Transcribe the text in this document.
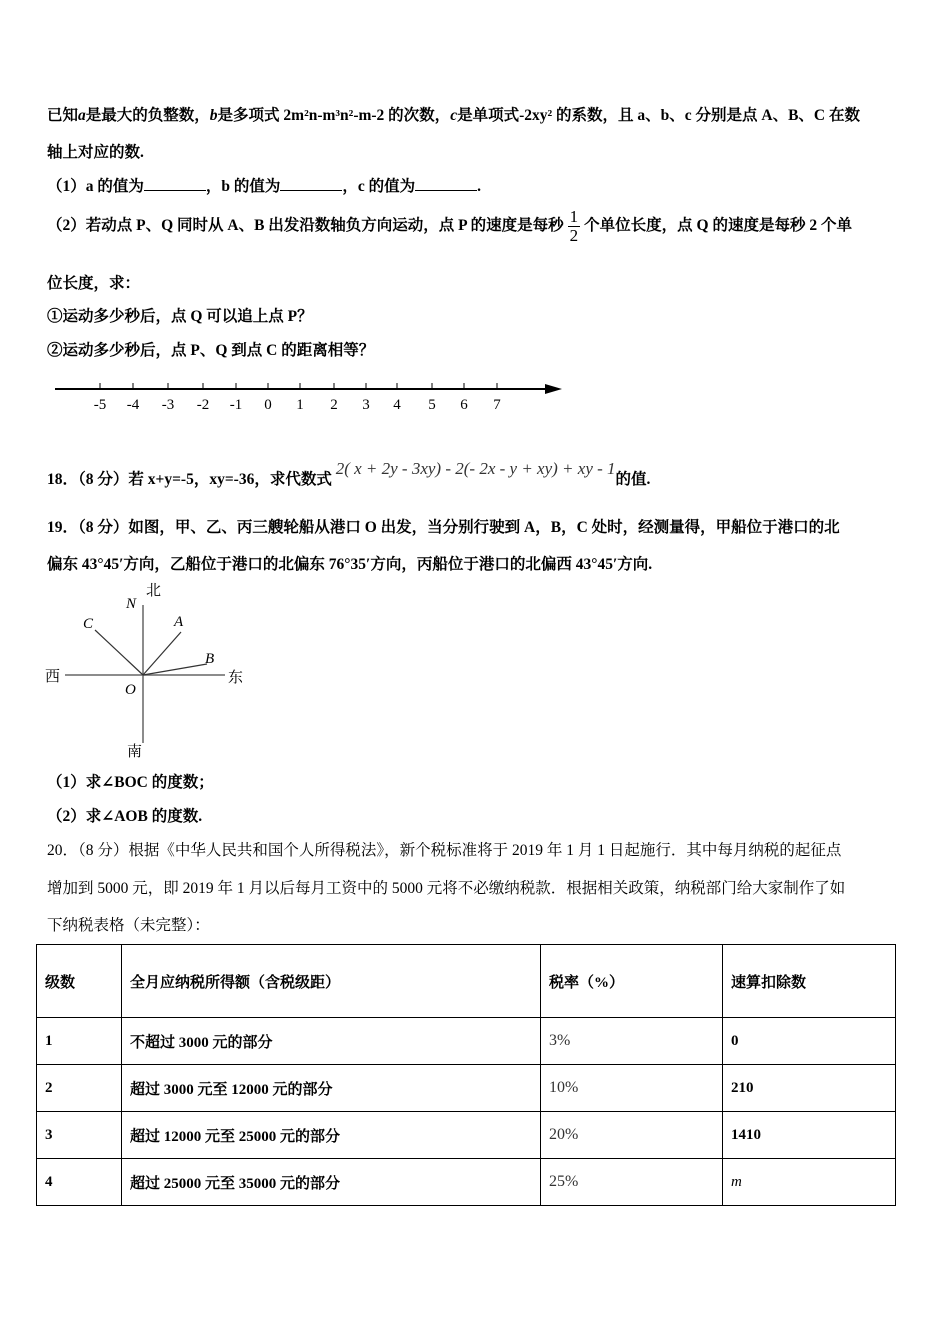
已知a是最大的负整数，b是多项式 2m²n-m³n²-m-2 的次数，c是单项式-2xy² 的系数，且 a、b、c 分别是点 A、B、C 在数
轴上对应的数.
（1）a 的值为	，b 的值为	，c 的值为	.
（2）若动点 P、Q 同时从 A、B 出发沿数轴负方向运动，点 P 的速度是每秒 $\frac{1}{2}$ 个单位长度，点 Q 的速度是每秒 2 个单
位长度，求：
①运动多少秒后，点 Q 可以追上点 P？
②运动多少秒后，点 P、Q 到点 C 的距离相等？
-5 -4 -3 -2 -1 0 1 2 3 4 5 6 7
18．（8 分）若 x+y=-5，xy=-36，求代数式 2( x + 2y - 3xy) - 2(- 2x - y + xy) + xy - 1的值.
19．（8 分）如图，甲、乙、丙三艘轮船从港口 O 出发，当分别行驶到 A，B，C 处时，经测量得，甲船位于港口的北
偏东 43°45′方向，乙船位于港口的北偏东 76°35′方向，丙船位于港口的北偏西 43°45′方向.
北
N
C	A
B
西
O
东
南
（1）求∠BOC 的度数；
（2）求∠AOB 的度数.
20．（8 分）根据《中华人民共和国个人所得税法》，新个税标准将于 2019 年 1 月 1 日起施行．其中每月纳税的起征点
增加到 5000 元，即 2019 年 1 月以后每月工资中的 5000 元将不必缴纳税款．根据相关政策，纳税部门给大家制作了如
下纳税表格（未完整）：
级数	全月应纳税所得额（含税级距）	税率（%）	速算扣除数
1	不超过 3000 元的部分	3%	0
2	超过 3000 元至 12000 元的部分	10%	210
3	超过 12000 元至 25000 元的部分	20%	1410
4	超过 25000 元至 35000 元的部分	25%	m
